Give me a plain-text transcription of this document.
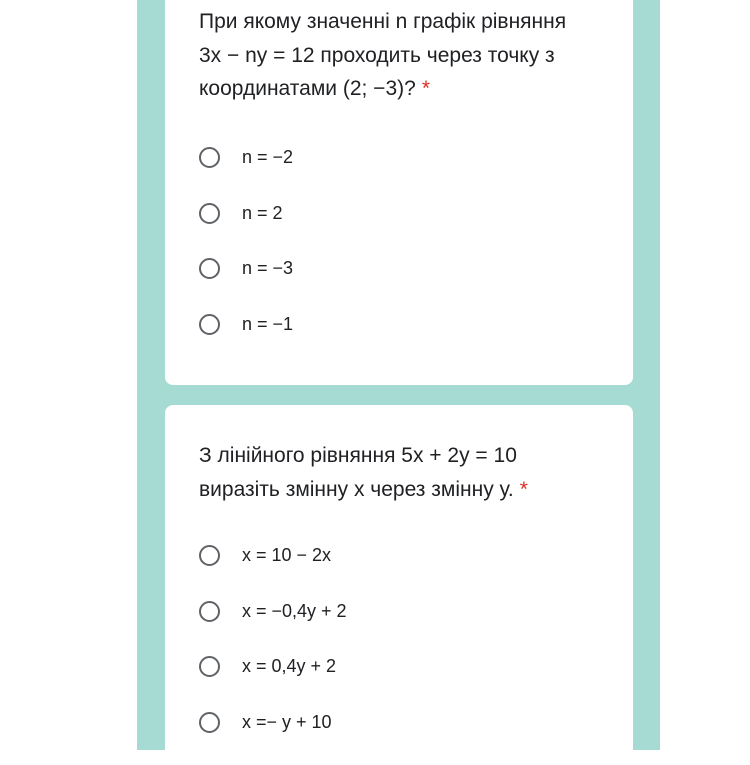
При якому значенні n графік рівняння
3x − ny = 12 проходить через точку з
координатами (2; −3)? *

n = −2
n = 2
n = −3
n = −1

З лінійного рівняння 5х + 2у = 10
виразіть змінну х через змінну у. *

x = 10 − 2x
x = −0,4y + 2
x = 0,4y + 2
x =− y + 10
